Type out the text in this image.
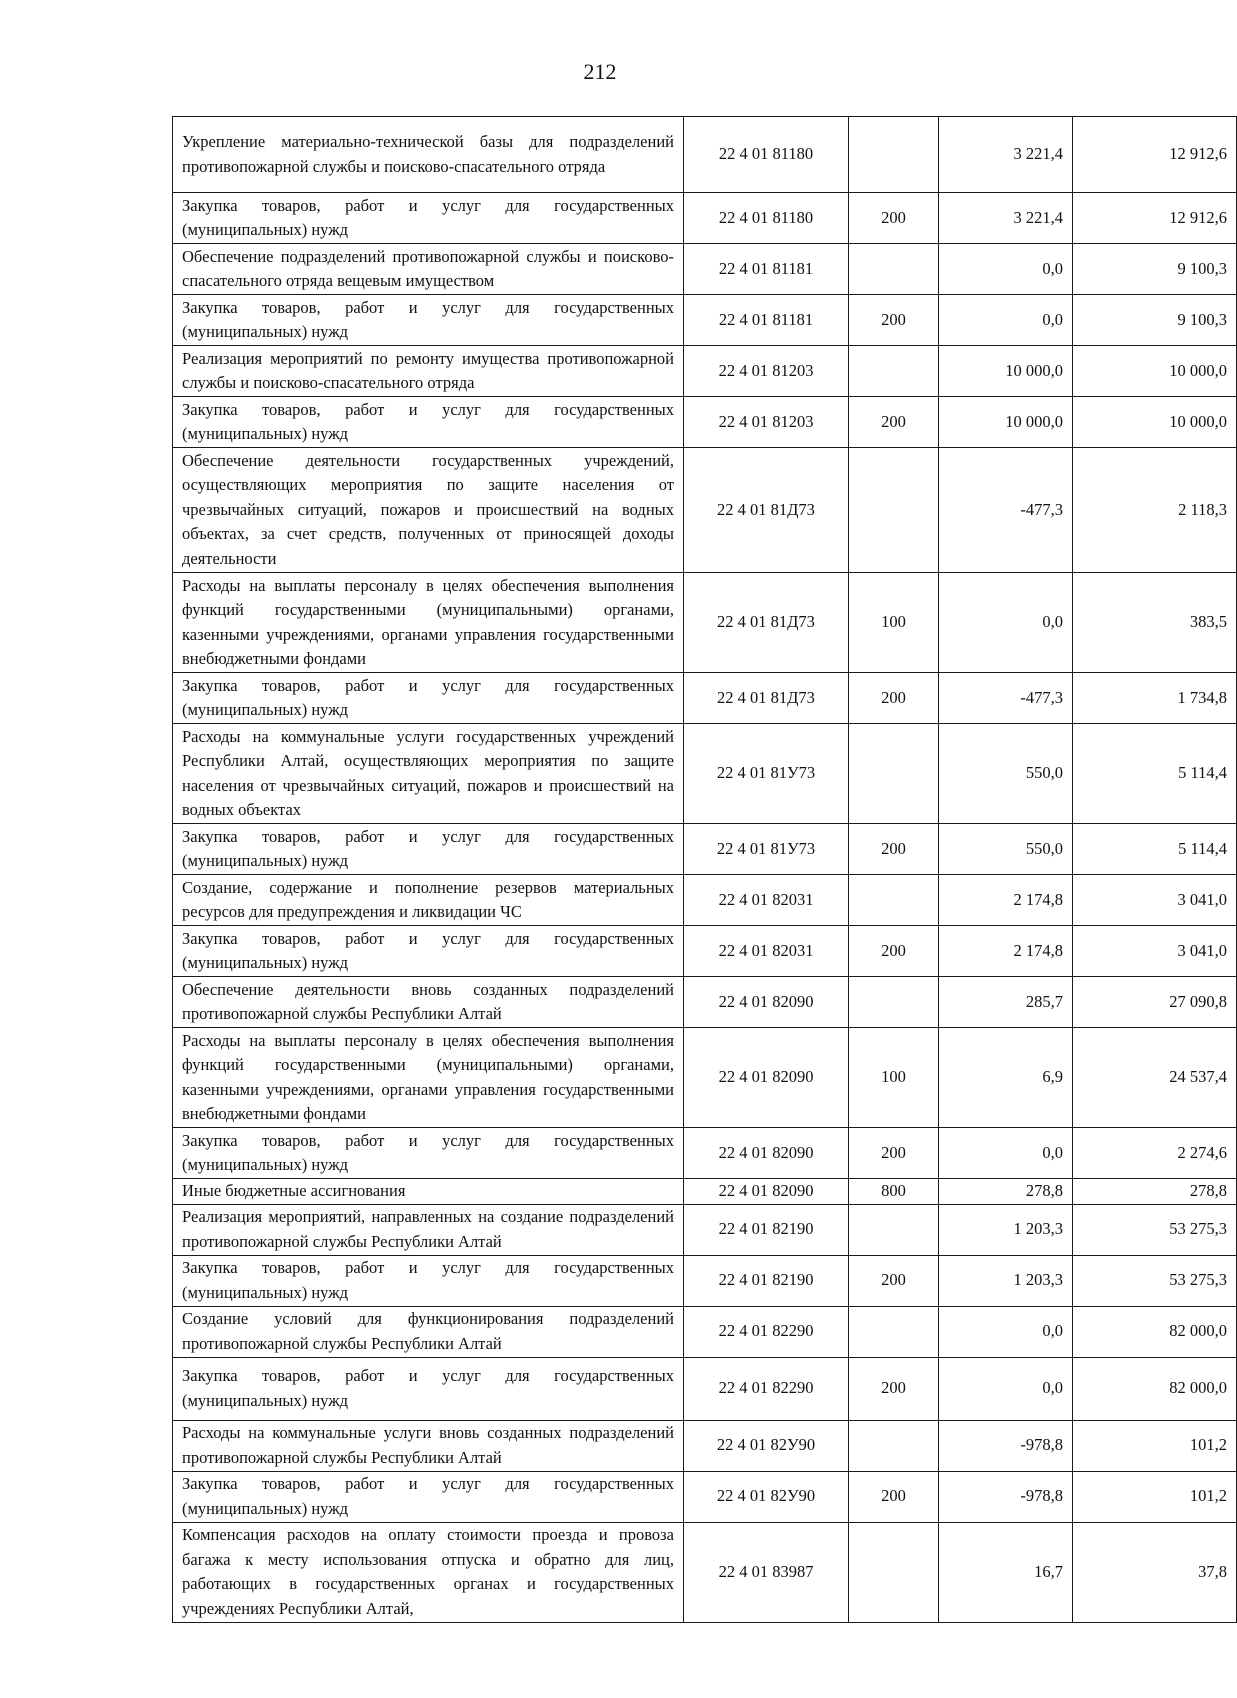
212
Укрепление материально-технической базы для подразделений противопожарной службы и поисково-спасательного отряда	22 4 01 81180		3 221,4	12 912,6
Закупка товаров, работ и услуг для государственных (муниципальных) нужд	22 4 01 81180	200	3 221,4	12 912,6
Обеспечение подразделений противопожарной службы и поисково-спасательного отряда вещевым имуществом	22 4 01 81181		0,0	9 100,3
Закупка товаров, работ и услуг для государственных (муниципальных) нужд	22 4 01 81181	200	0,0	9 100,3
Реализация мероприятий по ремонту имущества противопожарной службы и поисково-спасательного отряда	22 4 01 81203		10 000,0	10 000,0
Закупка товаров, работ и услуг для государственных (муниципальных) нужд	22 4 01 81203	200	10 000,0	10 000,0
Обеспечение деятельности государственных учреждений, осуществляющих мероприятия по защите населения от чрезвычайных ситуаций, пожаров и происшествий на водных объектах, за счет средств, полученных от приносящей доходы деятельности	22 4 01 81Д73		-477,3	2 118,3
Расходы на выплаты персоналу в целях обеспечения выполнения функций государственными (муниципальными) органами, казенными учреждениями, органами управления государственными внебюджетными фондами	22 4 01 81Д73	100	0,0	383,5
Закупка товаров, работ и услуг для государственных (муниципальных) нужд	22 4 01 81Д73	200	-477,3	1 734,8
Расходы на коммунальные услуги государственных учреждений Республики Алтай, осуществляющих мероприятия по защите населения от чрезвычайных ситуаций, пожаров и происшествий на водных объектах	22 4 01 81У73		550,0	5 114,4
Закупка товаров, работ и услуг для государственных (муниципальных) нужд	22 4 01 81У73	200	550,0	5 114,4
Создание, содержание и пополнение резервов материальных ресурсов для предупреждения и ликвидации ЧС	22 4 01 82031		2 174,8	3 041,0
Закупка товаров, работ и услуг для государственных (муниципальных) нужд	22 4 01 82031	200	2 174,8	3 041,0
Обеспечение деятельности вновь созданных подразделений противопожарной службы Республики Алтай	22 4 01 82090		285,7	27 090,8
Расходы на выплаты персоналу в целях обеспечения выполнения функций государственными (муниципальными) органами, казенными учреждениями, органами управления государственными внебюджетными фондами	22 4 01 82090	100	6,9	24 537,4
Закупка товаров, работ и услуг для государственных (муниципальных) нужд	22 4 01 82090	200	0,0	2 274,6
Иные бюджетные ассигнования	22 4 01 82090	800	278,8	278,8
Реализация мероприятий, направленных на создание подразделений противопожарной службы Республики Алтай	22 4 01 82190		1 203,3	53 275,3
Закупка товаров, работ и услуг для государственных (муниципальных) нужд	22 4 01 82190	200	1 203,3	53 275,3
Создание условий для функционирования подразделений противопожарной службы Республики Алтай	22 4 01 82290		0,0	82 000,0
Закупка товаров, работ и услуг для государственных (муниципальных) нужд	22 4 01 82290	200	0,0	82 000,0
Расходы на коммунальные услуги вновь созданных подразделений противопожарной службы Республики Алтай	22 4 01 82У90		-978,8	101,2
Закупка товаров, работ и услуг для государственных (муниципальных) нужд	22 4 01 82У90	200	-978,8	101,2
Компенсация расходов на оплату стоимости проезда и провоза багажа к месту использования отпуска и обратно для лиц, работающих в государственных органах и государственных учреждениях Республики Алтай,	22 4 01 83987		16,7	37,8
